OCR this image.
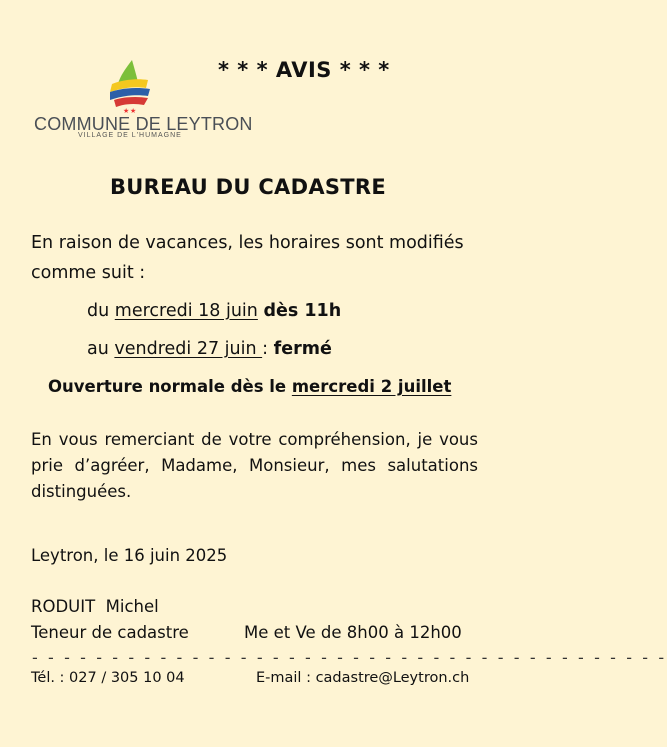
★ ★
COMMUNE DE LEYTRON
VILLAGE DE L'HUMAGNE
* * * AVIS * * *
BUREAU DU CADASTRE
En raison de vacances, les horaires sont modifiés
comme suit :
du mercredi 18 juin dès 11h
au vendredi 27 juin : fermé
Ouverture normale dès le mercredi 2 juillet
En vous remerciant de votre compréhension, je vous prie d’agréer, Madame, Monsieur, mes salutations distinguées.
Leytron, le 16 juin 2025
RODUIT  Michel
Teneur de cadastre	Me et Ve de 8h00 à 12h00
- - - - - - - - - - - - - - - - - - - - - - - - - - - - - - - - - - - - - - - -
Tél. : 027 / 305 10 04	E-mail : cadastre@Leytron.ch
